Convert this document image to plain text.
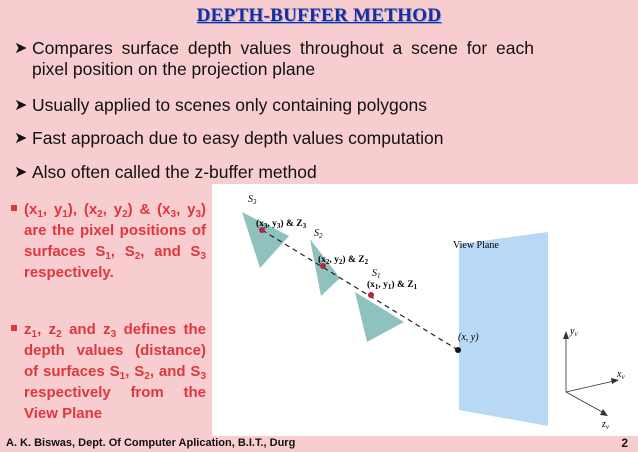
DEPTH-BUFFER METHOD
➤ Compares surface depth values throughout a scene for each pixel position on the projection plane
➤ Usually applied to scenes only containing polygons
➤ Fast approach due to easy depth values computation
➤ Also often called the z-buffer method
($x_1$, $y_1$), ($x_2$, $y_2$) & ($x_3$, $y_3$) are the pixel positions of surfaces $S_1$, $S_2$, and $S_3$ respectively.
$z_1$, $z_2$ and $z_3$ defines the depth values (distance) of surfaces $S_1$, $S_2$, and $S_3$ respectively from the View Plane
$S_3$
$S_2$
$S_1$
($x_3$, $y_3$) & $Z_3$
($x_2$, $y_2$) & $Z_2$
($x_1$, $y_1$) & $Z_1$
View Plane
(x, y)
$y_v$
$x_v$
$z_v$
A. K. Biswas, Dept. Of Computer Aplication, B.I.T., Durg	2
